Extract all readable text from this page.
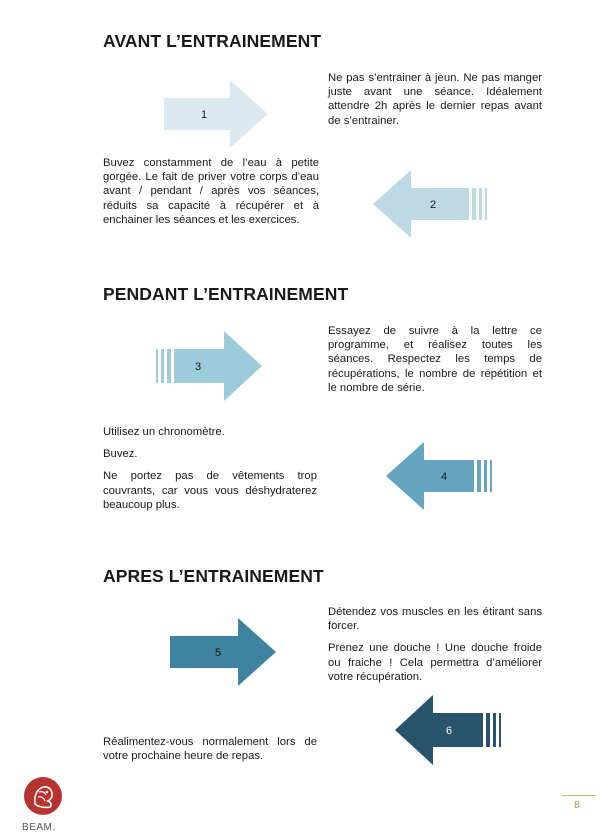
AVANT L’ENTRAINEMENT
1

Ne pas s’entrainer à jeun. Ne pas manger juste avant une séance. Idéalement attendre 2h après le dernier repas avant de s’entrainer.

Buvez constamment de l’eau à petite gorgée. Le fait de priver votre corps d’eau avant / pendant / après vos séances, réduits sa capacité à récupérer et à enchainer les séances et les exercices.

2
PENDANT L’ENTRAINEMENT
3

Essayez de suivre à la lettre ce programme, et réalisez toutes les séances. Respectez les temps de récupérations, le nombre de répétition et le nombre de série.

Utilisez un chronomètre.

Buvez.

Ne portez pas de vêtements trop couvrants, car vous vous déshydraterez beaucoup plus.

4
APRES L’ENTRAINEMENT
5

Détendez vos muscles en les étirant sans forcer.

Prenez une douche ! Une douche froide ou fraiche ! Cela permettra d’améliorer votre récupération.

Réalimentez-vous normalement lors de votre prochaine heure de repas.

6
BEAM.
8
